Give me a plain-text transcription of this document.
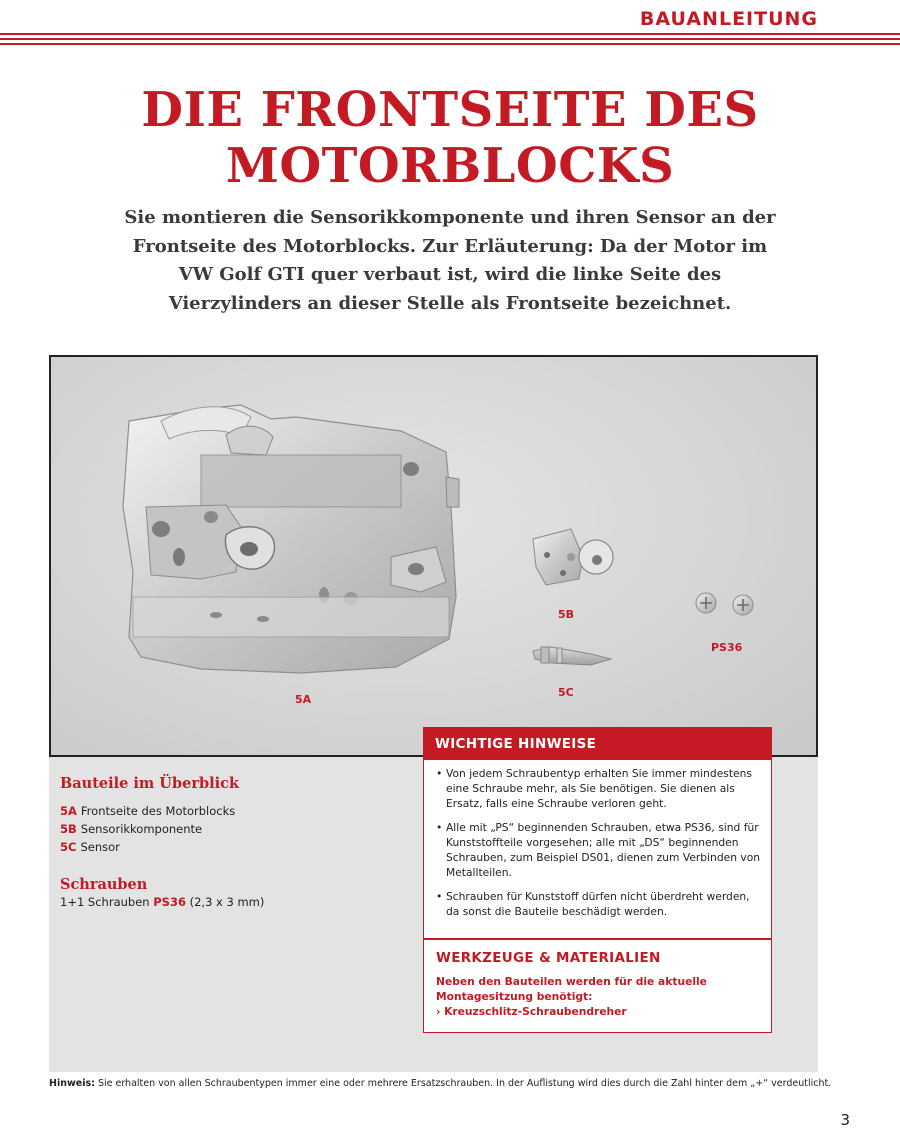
BAUANLEITUNG
DIE FRONTSEITE DES
MOTORBLOCKS

Sie montieren die Sensorikkomponente und ihren Sensor an der
Frontseite des Motorblocks. Zur Erläuterung: Da der Motor im
VW Golf GTI quer verbaut ist, wird die linke Seite des
Vierzylinders an dieser Stelle als Frontseite bezeichnet.

5A
5B
5C
PS36
Bauteile im Überblick
5A Frontseite des Motorblocks
5B Sensorikkomponente
5C Sensor
Schrauben
1+1 Schrauben PS36 (2,3 x 3 mm)
WICHTIGE HINWEISE
• Von jedem Schraubentyp erhalten Sie immer mindestens eine Schraube mehr, als Sie benötigen. Sie dienen als Ersatz, falls eine Schraube verloren geht.
• Alle mit „PS“ beginnenden Schrauben, etwa PS36, sind für Kunststoffteile vorgesehen; alle mit „DS“ beginnenden Schrauben, zum Beispiel DS01, dienen zum Verbinden von Metallteilen.
• Schrauben für Kunststoff dürfen nicht überdreht werden, da sonst die Bauteile beschädigt werden.
WERKZEUGE & MATERIALIEN
Neben den Bauteilen werden für die aktuelle Montagesitzung benötigt:
› Kreuzschlitz-Schraubendreher
Hinweis: Sie erhalten von allen Schraubentypen immer eine oder mehrere Ersatzschrauben. In der Auflistung wird dies durch die Zahl hinter dem „+“ verdeutlicht.
3
